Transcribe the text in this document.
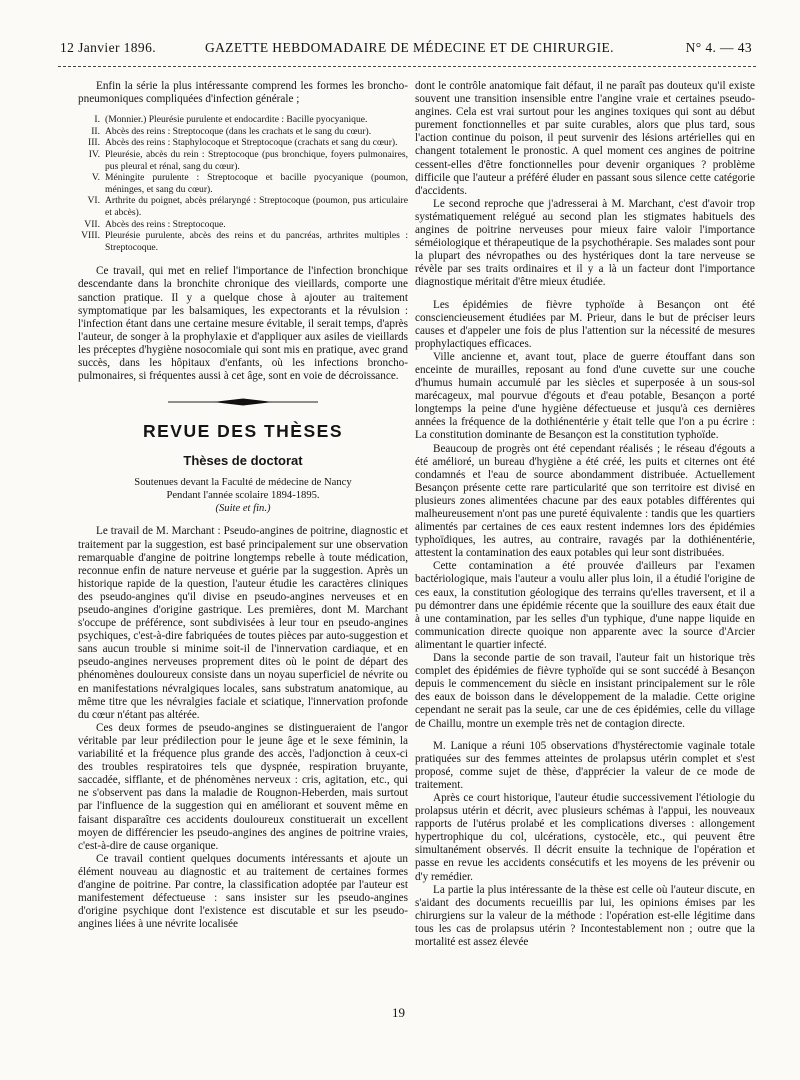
12 Janvier 1896.	GAZETTE HEBDOMADAIRE DE MÉDECINE ET DE CHIRURGIE.	N° 4. — 43

Enfin la série la plus intéressante comprend les formes les broncho-pneumoniques compliquées d'infection générale ;

I. (Monnier.) Pleurésie purulente et endocardite : Bacille pyocyanique.
II. Abcès des reins : Streptocoque (dans les crachats et le sang du cœur).
III. Abcès des reins : Staphylocoque et Streptocoque (crachats et sang du cœur).
IV. Pleurésie, abcès du rein : Streptocoque (pus bronchique, foyers pulmonaires, pus pleural et rénal, sang du cœur).
V. Méningite purulente : Streptocoque et bacille pyocyanique (poumon, méninges, et sang du cœur).
VI. Arthrite du poignet, abcès prélaryngé : Streptocoque (poumon, pus articulaire et abcès).
VII. Abcès des reins : Streptocoque.
VIII. Pleurésie purulente, abcès des reins et du pancréas, arthrites multiples : Streptocoque.

Ce travail, qui met en relief l'importance de l'infection bronchique descendante dans la bronchite chronique des vieillards, comporte une sanction pratique. Il y a quelque chose à ajouter au traitement symptomatique par les balsamiques, les expectorants et la révulsion : l'infection étant dans une certaine mesure évitable, il serait temps, d'après l'auteur, de songer à la prophylaxie et d'appliquer aux asiles de vieillards les préceptes d'hygiène nosocomiale qui sont mis en pratique, avec grand succès, dans les hôpitaux d'enfants, où les infections broncho-pulmonaires, si fréquentes aussi à cet âge, sont en voie de décroissance.

REVUE DES THÈSES
Thèses de doctorat
Soutenues devant la Faculté de médecine de Nancy
Pendant l'année scolaire 1894-1895.
(Suite et fin.)

Le travail de M. Marchant : Pseudo-angines de poitrine, diagnostic et traitement par la suggestion, est basé principalement sur une observation remarquable d'angine de poitrine longtemps rebelle à toute médication, reconnue enfin de nature nerveuse et guérie par la suggestion. Après un historique rapide de la question, l'auteur étudie les caractères cliniques des pseudo-angines qu'il divise en pseudo-angines nerveuses et en pseudo-angines d'origine gastrique. Les premières, dont M. Marchant s'occupe de préférence, sont subdivisées à leur tour en pseudo-angines psychiques, c'est-à-dire fabriquées de toutes pièces par auto-suggestion et sans aucun trouble si minime soit-il de l'innervation cardiaque, et en pseudo-angines nerveuses proprement dites où le point de départ des phénomènes douloureux consiste dans un noyau superficiel de névrite ou en manifestations névralgiques locales, sans substratum anatomique, au même titre que les névralgies faciale et sciatique, l'innervation profonde du cœur n'étant pas altérée.

Ces deux formes de pseudo-angines se distingueraient de l'angor véritable par leur prédilection pour le jeune âge et le sexe féminin, la variabilité et la fréquence plus grande des accès, l'adjonction à ceux-ci des troubles respiratoires tels que dyspnée, respiration bruyante, saccadée, sifflante, et de phénomènes nerveux : cris, agitation, etc., qui ne s'observent pas dans la maladie de Rougnon-Heberden, mais surtout par l'influence de la suggestion qui en améliorant et souvent même en faisant disparaître ces accidents douloureux constituerait un excellent moyen de différencier les pseudo-angines des angines de poitrine vraies, c'est-à-dire de cause organique.

Ce travail contient quelques documents intéressants et ajoute un élément nouveau au diagnostic et au traitement de certaines formes d'angine de poitrine. Par contre, la classification adoptée par l'auteur est manifestement défectueuse : sans insister sur les pseudo-angines d'origine psychique dont l'existence est discutable et sur les pseudo-angines liées à une névrite localisée

dont le contrôle anatomique fait défaut, il ne paraît pas douteux qu'il existe souvent une transition insensible entre l'angine vraie et certaines pseudo-angines. Cela est vrai surtout pour les angines toxiques qui sont au début purement fonctionnelles et par suite curables, alors que plus tard, sous l'action continue du poison, il peut survenir des lésions artérielles qui en changent totalement le pronostic. A quel moment ces angines de poitrine cessent-elles d'être fonctionnelles pour devenir organiques ? problème difficile que l'auteur a préféré éluder en passant sous silence cette catégorie d'accidents.

Le second reproche que j'adresserai à M. Marchant, c'est d'avoir trop systématiquement relégué au second plan les stigmates habituels des angines de poitrine nerveuses pour mieux faire valoir l'importance séméiologique et thérapeutique de la psychothérapie. Ses malades sont pour la plupart des névropathes ou des hystériques dont la tare nerveuse se révèle par ses traits ordinaires et il y a là un facteur dont l'importance diagnostique méritait d'être mieux étudiée.

Les épidémies de fièvre typhoïde à Besançon ont été consciencieusement étudiées par M. Prieur, dans le but de préciser leurs causes et d'appeler une fois de plus l'attention sur la nécessité de mesures prophylactiques efficaces.

Ville ancienne et, avant tout, place de guerre étouffant dans son enceinte de murailles, reposant au fond d'une cuvette sur une couche d'humus humain accumulé par les siècles et superposée à un sous-sol marécageux, mal pourvue d'égouts et d'eau potable, Besançon a porté longtemps la peine d'une hygiène défectueuse et jusqu'à ces dernières années la fréquence de la dothiénentérie y était telle que l'on a pu écrire : La constitution dominante de Besançon est la constitution typhoïde.

Beaucoup de progrès ont été cependant réalisés ; le réseau d'égouts a été amélioré, un bureau d'hygiène a été créé, les puits et citernes ont été condamnés et l'eau de source abondamment distribuée. Actuellement Besançon présente cette rare particularité que son territoire est divisé en plusieurs zones alimentées chacune par des eaux potables différentes qui malheureusement n'ont pas une pureté équivalente : tandis que les quartiers alimentés par certaines de ces eaux restent indemnes lors des épidémies typhoïdiques, les autres, au contraire, ravagés par la dothiénentérie, attestent la contamination des eaux potables qui leur sont distribuées.

Cette contamination a été prouvée d'ailleurs par l'examen bactériologique, mais l'auteur a voulu aller plus loin, il a étudié l'origine de ces eaux, la constitution géologique des terrains qu'elles traversent, et il a pu démontrer dans une épidémie récente que la souillure des eaux était due à une contamination, par les selles d'un typhique, d'une nappe liquide en communication directe quoique non apparente avec la source d'Arcier alimentant le quartier infecté.

Dans la seconde partie de son travail, l'auteur fait un historique très complet des épidémies de fièvre typhoïde qui se sont succédé à Besançon depuis le commencement du siècle en insistant principalement sur le rôle des eaux de boisson dans le développement de la maladie. Cette origine cependant ne serait pas la seule, car une de ces épidémies, celle du village de Chaillu, montre un exemple très net de contagion directe.

M. Lanique a réuni 105 observations d'hystérectomie vaginale totale pratiquées sur des femmes atteintes de prolapsus utérin complet et s'est proposé, comme sujet de thèse, d'apprécier la valeur de ce mode de traitement.

Après ce court historique, l'auteur étudie successivement l'étiologie du prolapsus utérin et décrit, avec plusieurs schémas à l'appui, les nouveaux rapports de l'utérus prolabé et les complications diverses : allongement hypertrophique du col, ulcérations, cystocèle, etc., qui peuvent être simultanément observés. Il décrit ensuite la technique de l'opération et passe en revue les accidents consécutifs et les moyens de les prévenir ou d'y remédier.

La partie la plus intéressante de la thèse est celle où l'auteur discute, en s'aidant des documents recueillis par lui, les opinions émises par les chirurgiens sur la valeur de la méthode : l'opération est-elle légitime dans tous les cas de prolapsus utérin ? Incontestablement non ; outre que la mortalité est assez élevée

19
